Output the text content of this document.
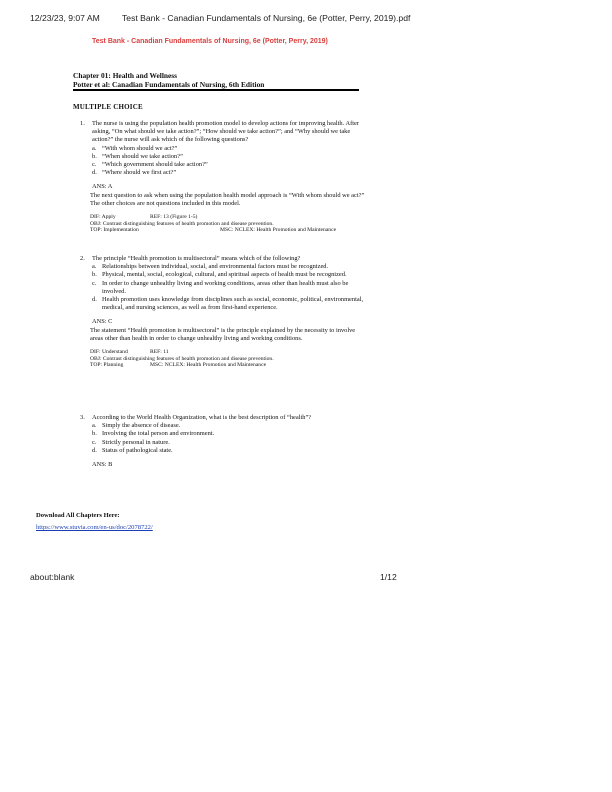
12/23/23, 9:07 AM	Test Bank - Canadian Fundamentals of Nursing, 6e (Potter, Perry, 2019).pdf
Test Bank - Canadian Fundamentals of Nursing, 6e (Potter, Perry, 2019)
Chapter 01: Health and Wellness
Potter et al: Canadian Fundamentals of Nursing, 6th Edition
MULTIPLE CHOICE
1. The nurse is using the population health promotion model to develop actions for improving health. After asking, “On what should we take action?”; “How should we take action?”; and “Why should we take action?” the nurse will ask which of the following questions?
a. “With whom should we act?”
b. “When should we take action?”
c. “Which government should take action?”
d. “Where should we first act?”
ANS: A
The next question to ask when using the population health model approach is “With whom should we act?” The other choices are not questions included in this model.
DIF: Apply	REF: 13 (Figure 1-5)
OBJ: Contrast distinguishing features of health promotion and disease prevention.
TOP: Implementation	MSC: NCLEX: Health Promotion and Maintenance
2. The principle “Health promotion is multisectoral” means which of the following?
a. Relationships between individual, social, and environmental factors must be recognized.
b. Physical, mental, social, ecological, cultural, and spiritual aspects of health must be recognized.
c. In order to change unhealthy living and working conditions, areas other than health must also be involved.
d. Health promotion uses knowledge from disciplines such as social, economic, political, environmental, medical, and nursing sciences, as well as from first-hand experience.
ANS: C
The statement “Health promotion is multisectoral” is the principle explained by the necessity to involve areas other than health in order to change unhealthy living and working conditions.
DIF: Understand	REF: 11
OBJ: Contrast distinguishing features of health promotion and disease prevention.
TOP: Planning	MSC: NCLEX: Health Promotion and Maintenance
3. According to the World Health Organization, what is the best description of “health”?
a. Simply the absence of disease.
b. Involving the total person and environment.
c. Strictly personal in nature.
d. Status of pathological state.
ANS: B
Download All Chapters Here:
https://www.stuvia.com/en-us/doc/2078722/
about:blank	1/12
